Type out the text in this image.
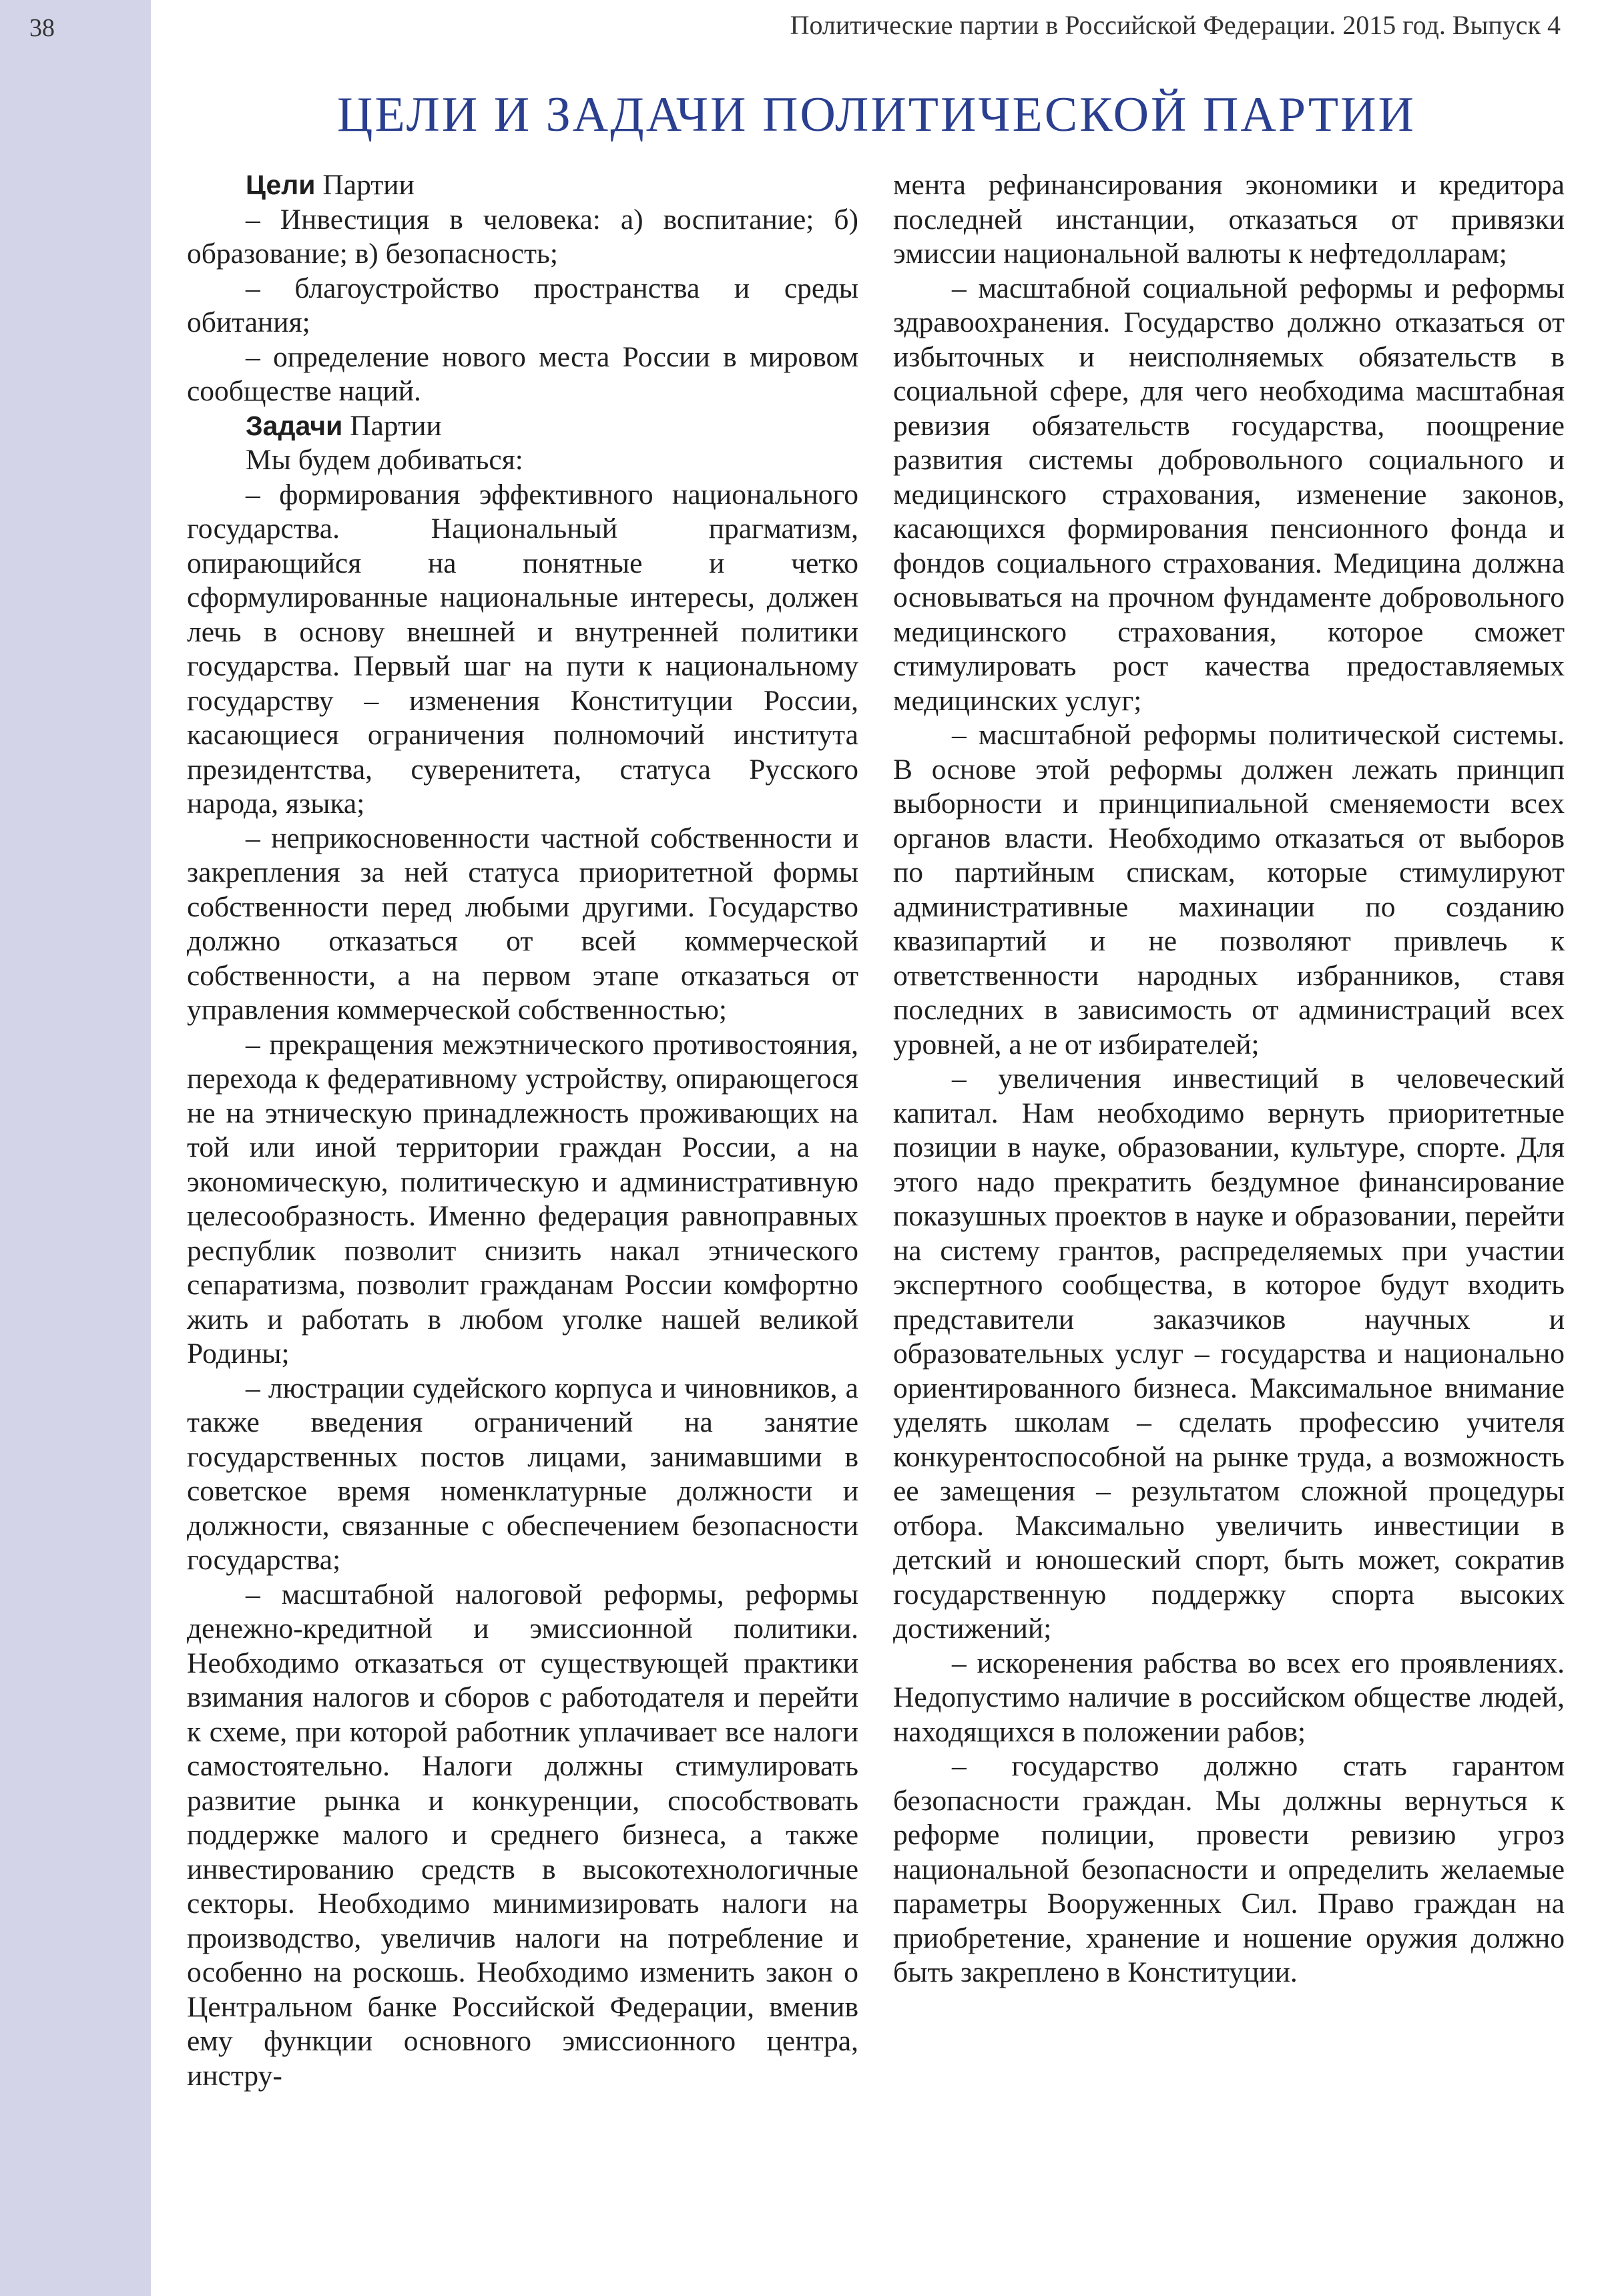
38	Политические партии в Российской Федерации. 2015 год. Выпуск 4
ЦЕЛИ И ЗАДАЧИ ПОЛИТИЧЕСКОЙ ПАРТИИ

Цели Партии

– Инвестиция в человека: а) воспитание; б) образование; в) безопасность;

– благоустройство пространства и среды обитания;

– определение нового места России в мировом сообществе наций.

Задачи Партии

Мы будем добиваться:

– формирования эффективного национального государства. Национальный прагматизм, опирающийся на понятные и четко сформулированные национальные интересы, должен лечь в основу внешней и внутренней политики государства. Первый шаг на пути к национальному государству – изменения Конституции России, касающиеся ограничения полномочий института президентства, суверенитета, статуса Русского народа, языка;

– неприкосновенности частной собственности и закрепления за ней статуса приоритетной формы собственности перед любыми другими. Государство должно отказаться от всей коммерческой собственности, а на первом этапе отказаться от управления коммерческой собственностью;

– прекращения межэтнического противостояния, перехода к федеративному устройству, опирающегося не на этническую принадлежность проживающих на той или иной территории граждан России, а на экономическую, политическую и административную целесообразность. Именно федерация равноправных республик позволит снизить накал этнического сепаратизма, позволит гражданам России комфортно жить и работать в любом уголке нашей великой Родины;

– люстрации судейского корпуса и чиновников, а также введения ограничений на занятие государственных постов лицами, занимавшими в советское время номенклатурные должности и должности, связанные с обеспечением безопасности государства;

– масштабной налоговой реформы, реформы денежно-кредитной и эмиссионной политики. Необходимо отказаться от существующей практики взимания налогов и сборов с работодателя и перейти к схеме, при которой работник уплачивает все налоги самостоятельно. Налоги должны стимулировать развитие рынка и конкуренции, способствовать поддержке малого и среднего бизнеса, а также инвестированию средств в высокотехнологичные секторы. Необходимо минимизировать налоги на производство, увеличив налоги на потребление и особенно на роскошь. Необходимо изменить закон о Центральном банке Российской Федерации, вменив ему функции основного эмиссионного центра, инстру-

мента рефинансирования экономики и кредитора последней инстанции, отказаться от привязки эмиссии национальной валюты к нефтедолларам;

– масштабной социальной реформы и реформы здравоохранения. Государство должно отказаться от избыточных и неисполняемых обязательств в социальной сфере, для чего необходима масштабная ревизия обязательств государства, поощрение развития системы добровольного социального и медицинского страхования, изменение законов, касающихся формирования пенсионного фонда и фондов социального страхования. Медицина должна основываться на прочном фундаменте добровольного медицинского страхования, которое сможет стимулировать рост качества предоставляемых медицинских услуг;

– масштабной реформы политической системы. В основе этой реформы должен лежать принцип выборности и принципиальной сменяемости всех органов власти. Необходимо отказаться от выборов по партийным спискам, которые стимулируют административные махинации по созданию квазипартий и не позволяют привлечь к ответственности народных избранников, ставя последних в зависимость от администраций всех уровней, а не от избирателей;

– увеличения инвестиций в человеческий капитал. Нам необходимо вернуть приоритетные позиции в науке, образовании, культуре, спорте. Для этого надо прекратить бездумное финансирование показушных проектов в науке и образовании, перейти на систему грантов, распределяемых при участии экспертного сообщества, в которое будут входить представители заказчиков научных и образовательных услуг – государства и национально ориентированного бизнеса. Максимальное внимание уделять школам – сделать профессию учителя конкурентоспособной на рынке труда, а возможность ее замещения – результатом сложной процедуры отбора. Максимально увеличить инвестиции в детский и юношеский спорт, быть может, сократив государственную поддержку спорта высоких достижений;

– искоренения рабства во всех его проявлениях. Недопустимо наличие в российском обществе людей, находящихся в положении рабов;

– государство должно стать гарантом безопасности граждан. Мы должны вернуться к реформе полиции, провести ревизию угроз национальной безопасности и определить желаемые параметры Вооруженных Сил. Право граждан на приобретение, хранение и ношение оружия должно быть закреплено в Конституции.
